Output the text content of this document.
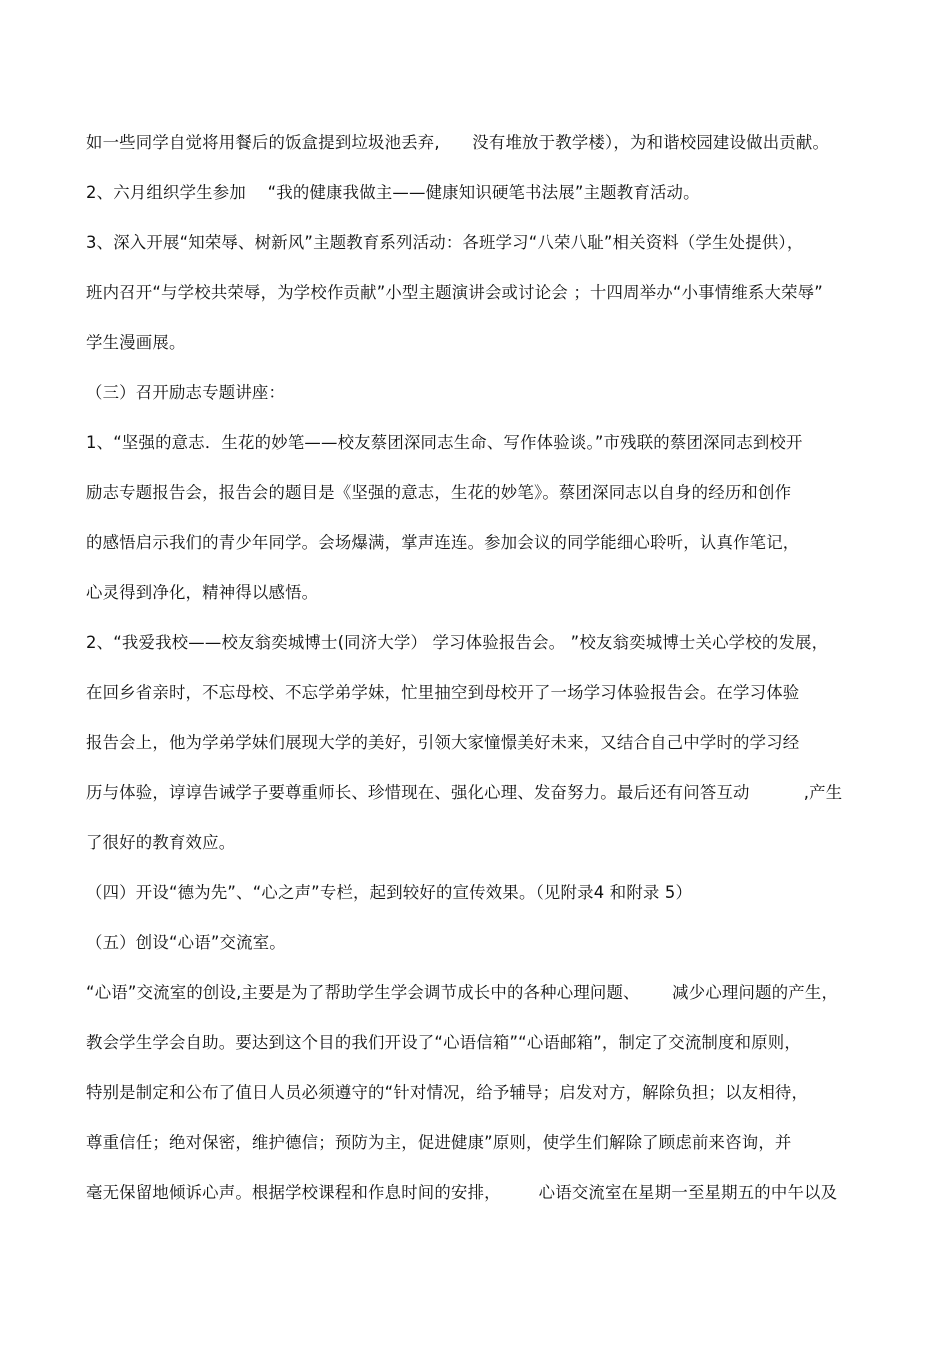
如一些同学自觉将用餐后的饭盒提到垃圾池丢弃,      没有堆放于教学楼），为和谐校园建设做出贡献。
2、六月组织学生参加    “我的健康我做主——健康知识硬笔书法展”主题教育活动。
3、深入开展“知荣辱、树新风”主题教育系列活动：各班学习“八荣八耻”相关资料（学生处提供），
班内召开“与学校共荣辱，为学校作贡献”小型主题演讲会或讨论会 ；十四周举办“小事情维系大荣辱”
学生漫画展。
（三）召开励志专题讲座：
1、“坚强的意志．生花的妙笔——校友蔡团深同志生命、写作体验谈。”市残联的蔡团深同志到校开
励志专题报告会，报告会的题目是《坚强的意志，生花的妙笔》。蔡团深同志以自身的经历和创作
的感悟启示我们的青少年同学。会场爆满，掌声连连。参加会议的同学能细心聆听，认真作笔记，
心灵得到净化，精神得以感悟。
2、“我爱我校——校友翁奕城博士(同济大学） 学习体验报告会。 ”校友翁奕城博士关心学校的发展，
在回乡省亲时，不忘母校、不忘学弟学妹，忙里抽空到母校开了一场学习体验报告会。在学习体验
报告会上，他为学弟学妹们展现大学的美好，引领大家憧憬美好未来，又结合自己中学时的学习经
历与体验，谆谆告诫学子要尊重师长、珍惜现在、强化心理、发奋努力。最后还有问答互动          ,产生
了很好的教育效应。
（四）开设“德为先”、“心之声”专栏，起到较好的宣传效果。（见附录4 和附录 5）
（五）创设“心语”交流室。
“心语”交流室的创设,主要是为了帮助学生学会调节成长中的各种心理问题、      减少心理问题的产生，
教会学生学会自助。要达到这个目的我们开设了“心语信箱”“心语邮箱”，制定了交流制度和原则，
特别是制定和公布了值日人员必须遵守的“针对情况，给予辅导；启发对方，解除负担；以友相待，
尊重信任；绝对保密，维护德信；预防为主，促进健康”原则，使学生们解除了顾虑前来咨询，并
毫无保留地倾诉心声。根据学校课程和作息时间的安排，       心语交流室在星期一至星期五的中午以及
